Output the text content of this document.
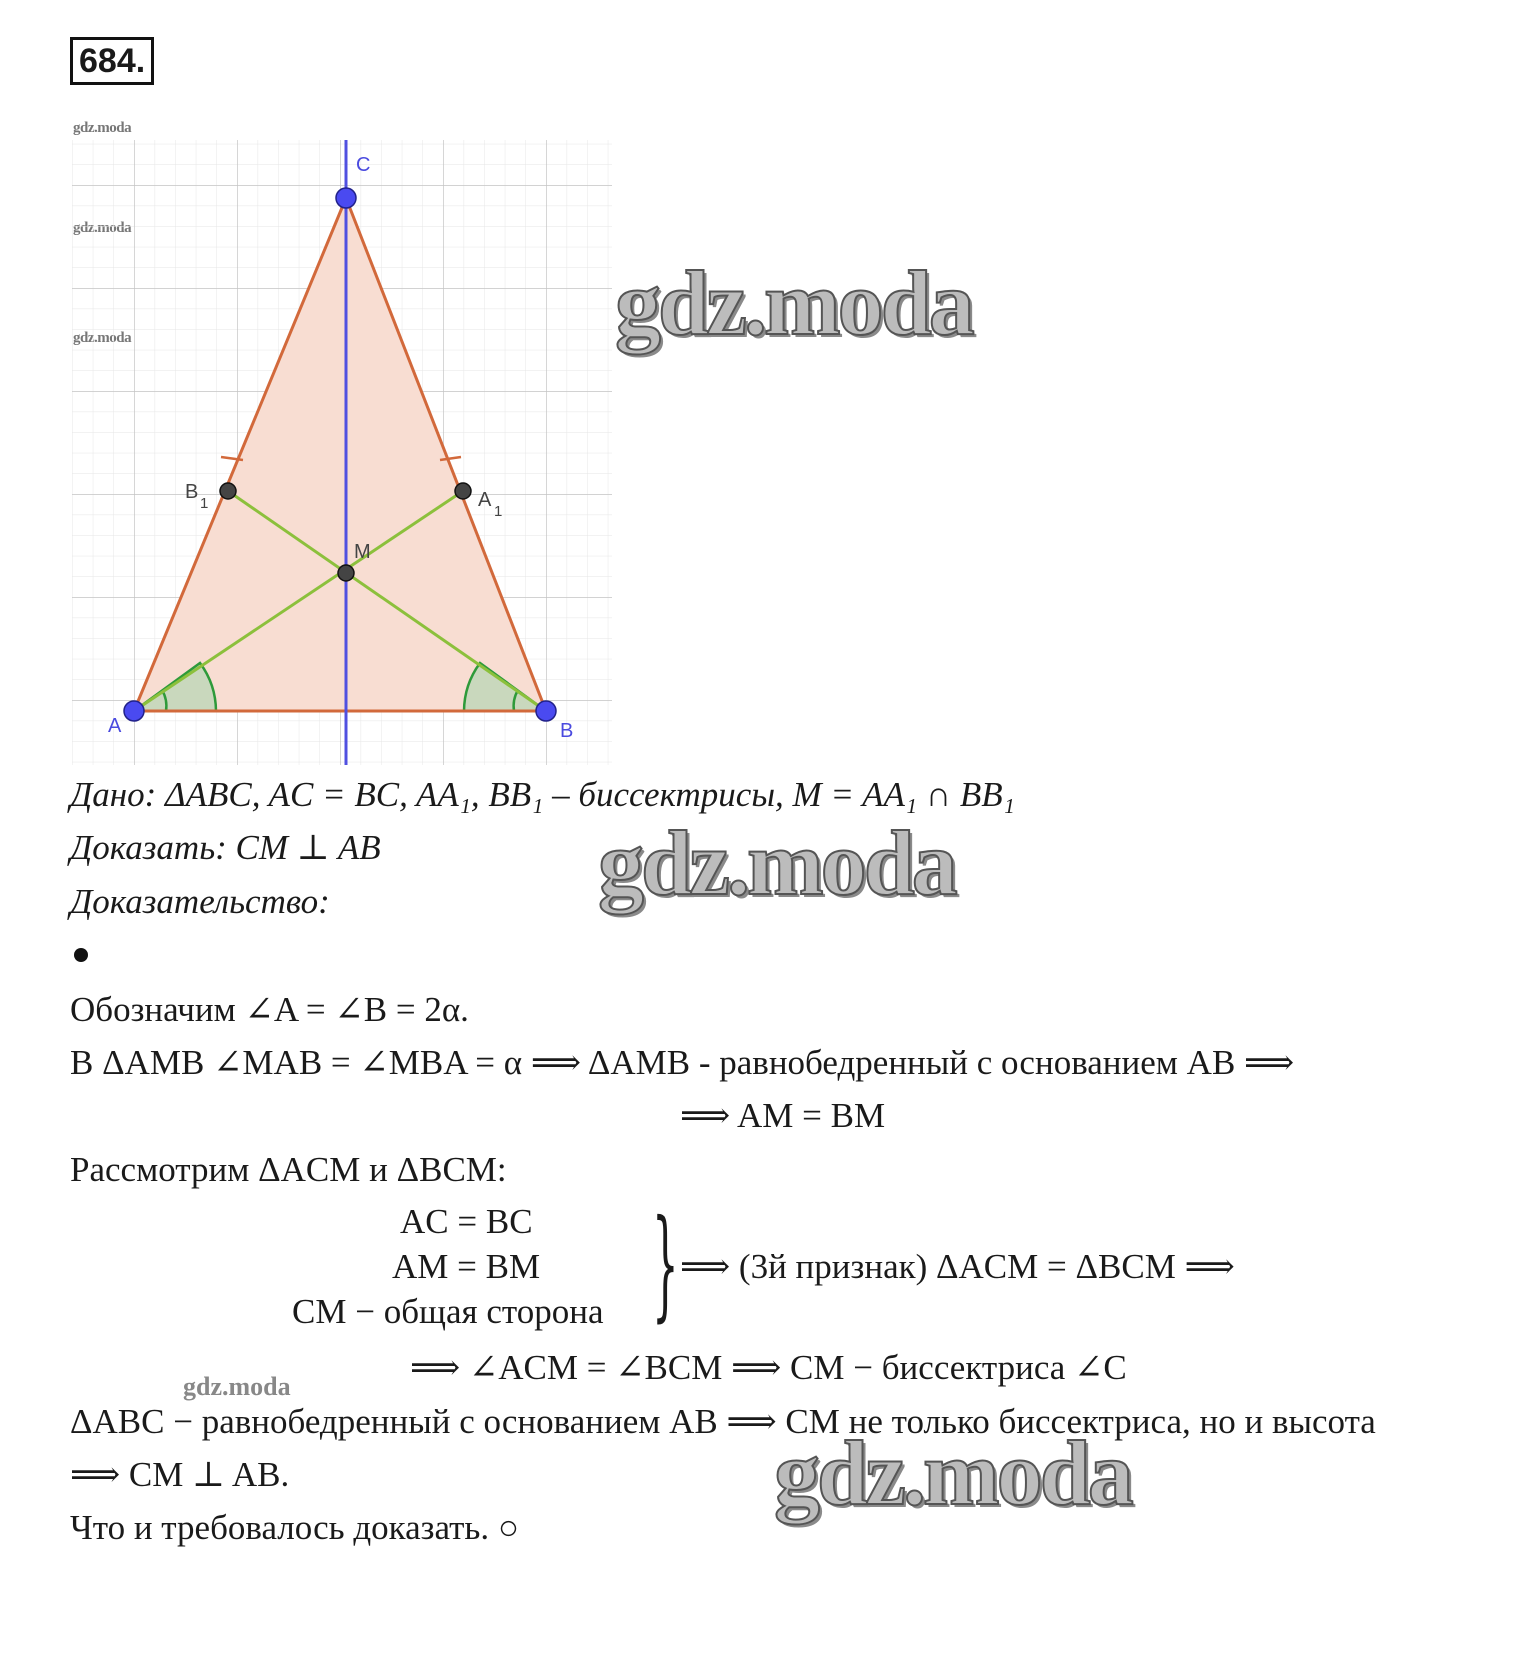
684.
gdz.moda
A	B
C
M
B
1	A
1
Дано: ΔABC, AC = BC, AA₁, BB₁ – биссектрисы, M = AA₁ ∩ BB₁
Доказать: CM ⊥ AB
Доказательство:
Обозначим ∠A = ∠B = 2α.
В ΔAMB ∠MAB = ∠MBA = α ⟹ ΔAMB - равнобедренный с основанием AB ⟹
⟹ AM = BM
Рассмотрим ΔACM и ΔBCM:
AC = BC
AM = BM
CM − общая сторона } ⟹ (3й признак) ΔACM = ΔBCM ⟹
⟹ ∠ACM = ∠BCM ⟹ CM − биссектриса ∠C
ΔABC − равнобедренный с основанием AB ⟹ CM не только биссектриса, но и высота
⟹ CM ⊥ AB.
Что и требовалось доказать. ○
gdz.moda
gdz.moda
gdz.moda
gdz.moda
